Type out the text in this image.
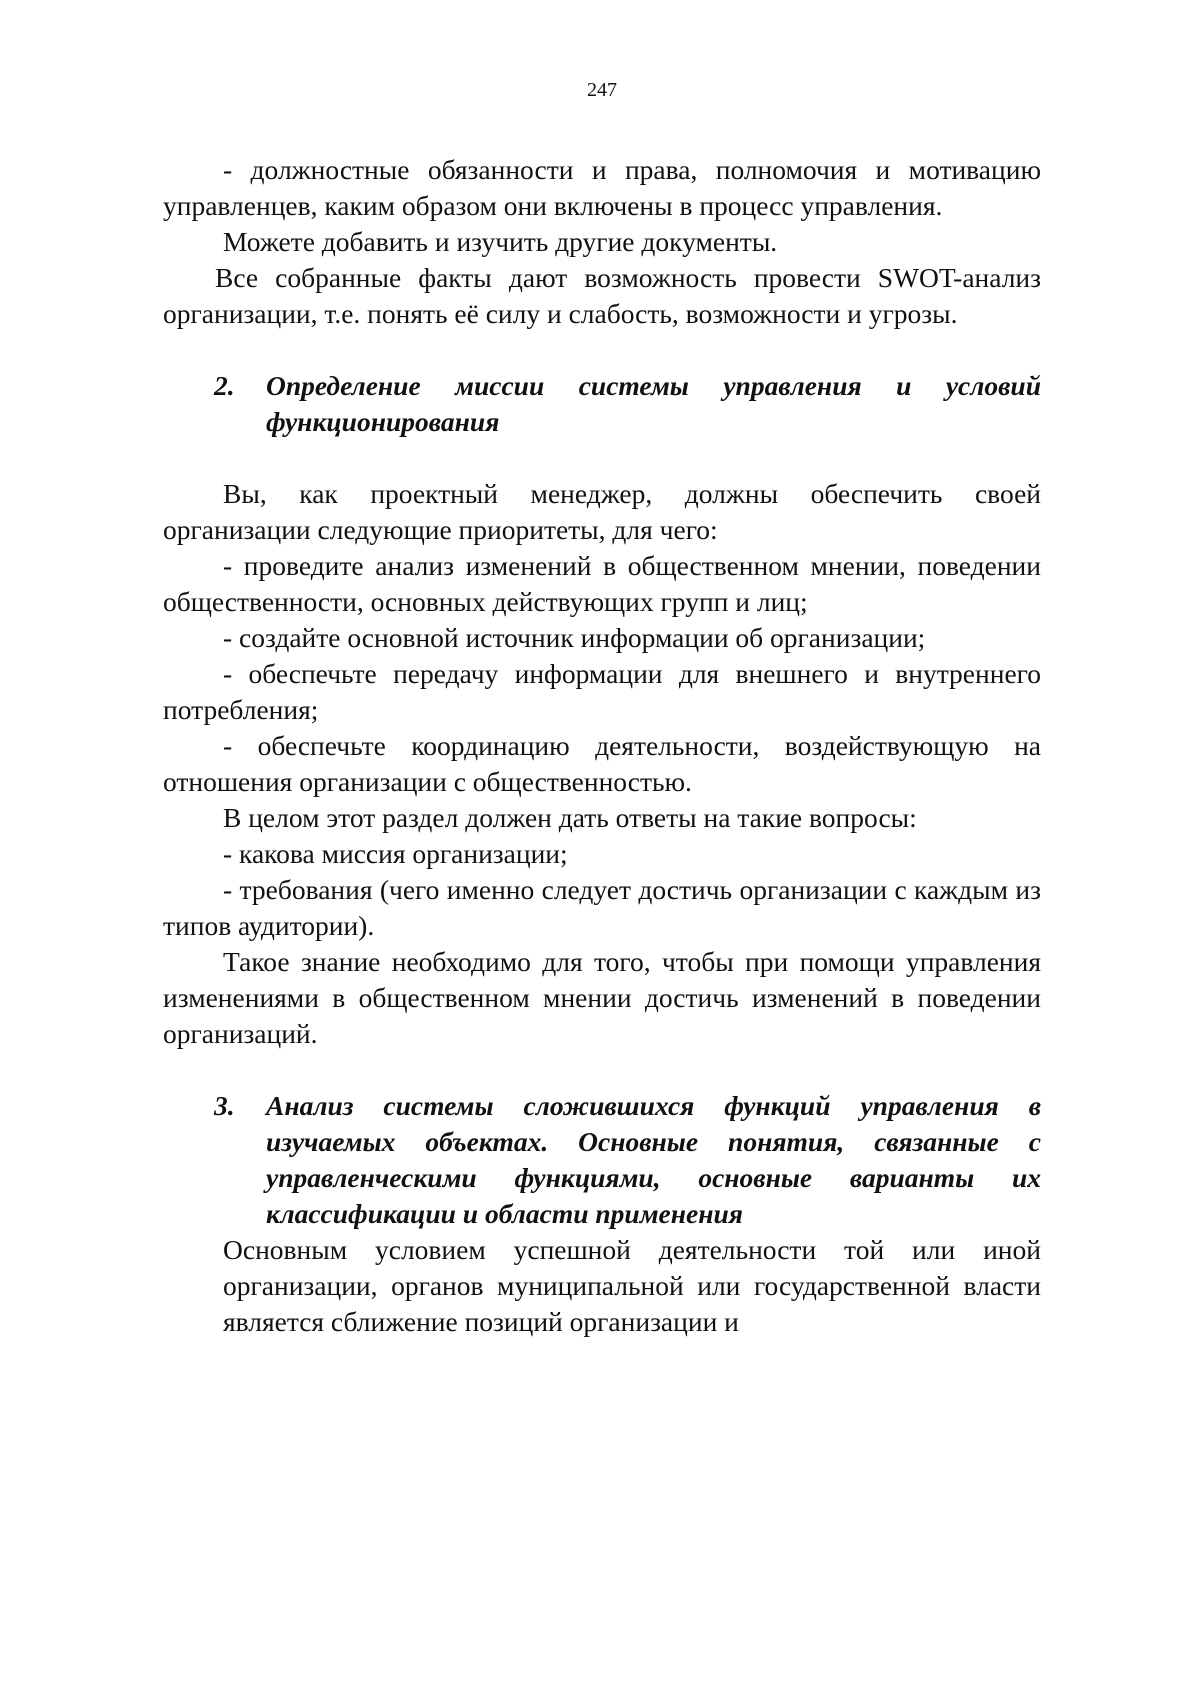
247

- должностные обязанности и права, полномочия и мотивацию управленцев, каким образом они включены в процесс управления.

Можете добавить и изучить другие документы.

Все собранные факты дают возможность провести SWOT-анализ организации, т.е. понять её силу и слабость, возможности и угрозы.

2. Определение миссии системы управления и условий функционирования

Вы, как проектный менеджер, должны обеспечить своей организации следующие приоритеты, для чего:

- проведите анализ изменений в общественном мнении, поведении общественности, основных действующих групп и лиц;

- создайте основной источник информации об организации;

- обеспечьте передачу информации для внешнего и внутреннего потребления;

- обеспечьте координацию деятельности, воздействующую на отношения организации с общественностью.

В целом этот раздел должен дать ответы на такие вопросы:

- какова миссия организации;

- требования (чего именно следует достичь организации с каждым из типов аудитории).

Такое знание необходимо для того, чтобы при помощи управления изменениями в общественном мнении достичь изменений в поведении организаций.

3. Анализ системы сложившихся функций управления в изучаемых объектах. Основные понятия, связанные с управленческими функциями, основные варианты их классификации и области применения

Основным условием успешной деятельности той или иной организации, органов муниципальной или государственной власти является сближение позиций организации и
